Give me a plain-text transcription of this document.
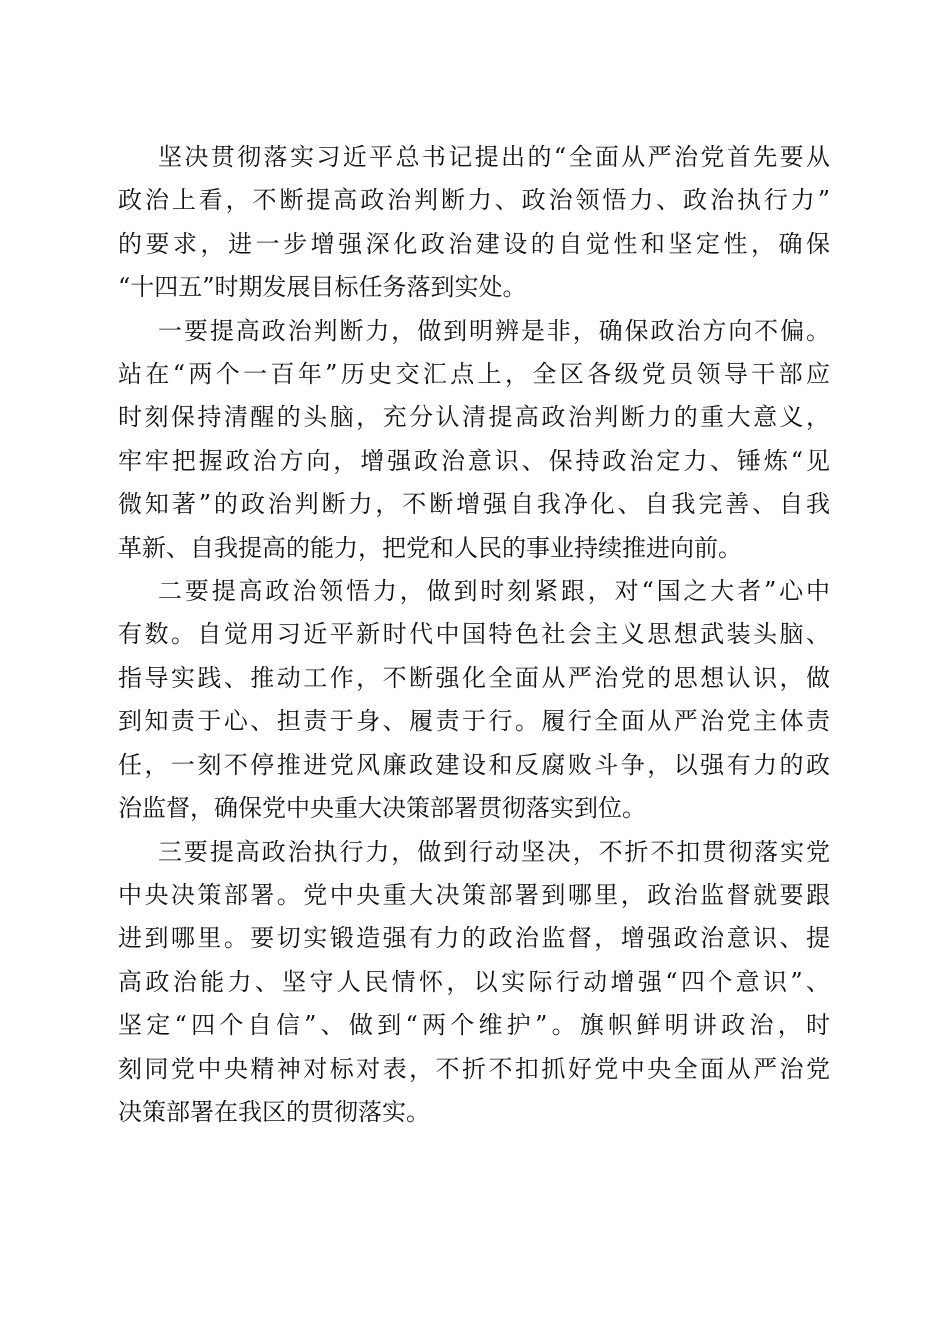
坚决贯彻落实习近平总书记提出的“全面从严治党首先要从
政治上看，不断提高政治判断力、政治领悟力、政治执行力”
的要求，进一步增强深化政治建设的自觉性和坚定性，确保
“十四五”时期发展目标任务落到实处。
一要提高政治判断力，做到明辨是非，确保政治方向不偏。
站在“两个一百年”历史交汇点上，全区各级党员领导干部应
时刻保持清醒的头脑，充分认清提高政治判断力的重大意义，
牢牢把握政治方向，增强政治意识、保持政治定力、锤炼“见
微知著”的政治判断力，不断增强自我净化、自我完善、自我
革新、自我提高的能力，把党和人民的事业持续推进向前。
二要提高政治领悟力，做到时刻紧跟，对“国之大者”心中
有数。自觉用习近平新时代中国特色社会主义思想武装头脑、
指导实践、推动工作，不断强化全面从严治党的思想认识，做
到知责于心、担责于身、履责于行。履行全面从严治党主体责
任，一刻不停推进党风廉政建设和反腐败斗争，以强有力的政
治监督，确保党中央重大决策部署贯彻落实到位。
三要提高政治执行力，做到行动坚决，不折不扣贯彻落实党
中央决策部署。党中央重大决策部署到哪里，政治监督就要跟
进到哪里。要切实锻造强有力的政治监督，增强政治意识、提
高政治能力、坚守人民情怀，以实际行动增强“四个意识”、
坚定“四个自信”、做到“两个维护”。旗帜鲜明讲政治，时
刻同党中央精神对标对表，不折不扣抓好党中央全面从严治党
决策部署在我区的贯彻落实。
